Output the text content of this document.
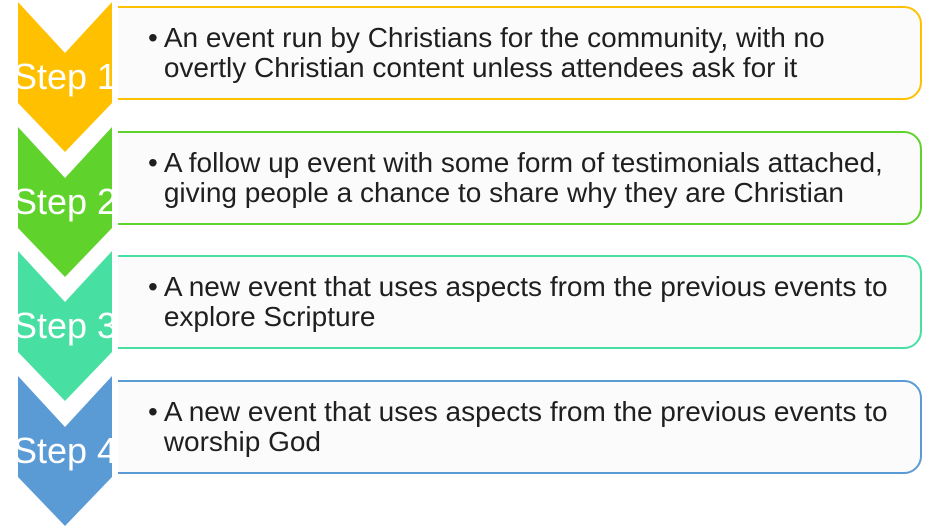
• An event run by Christians for the community, with no overtly Christian content unless attendees ask for it
Step 1
• A follow up event with some form of testimonials attached, giving people a chance to share why they are Christian
Step 2
• A new event that uses aspects from the previous events to explore Scripture
Step 3
• A new event that uses aspects from the previous events to worship God
Step 4
